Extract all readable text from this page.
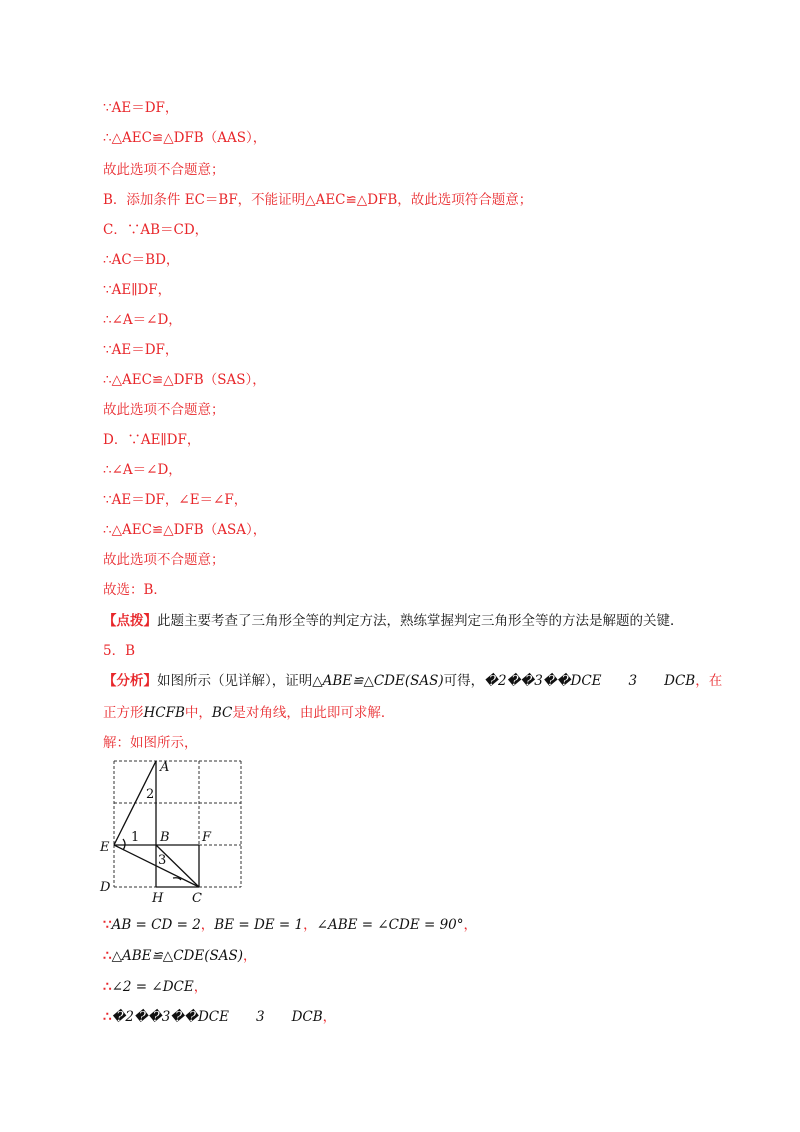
∵AE＝DF，
∴△AEC≌△DFB（AAS），
故此选项不合题意；
B．添加条件 EC＝BF，不能证明△AEC≌△DFB，故此选项符合题意；
C．∵AB＝CD，
∴AC＝BD，
∵AE∥DF，
∴∠A＝∠D，
∵AE＝DF，
∴△AEC≌△DFB（SAS），
故此选项不合题意；
D．∵AE∥DF，
∴∠A＝∠D，
∵AE＝DF，∠E＝∠F，
∴△AEC≌△DFB（ASA），
故此选项不合题意；
故选：B．
【点拨】此题主要考查了三角形全等的判定方法，熟练掌握判定三角形全等的方法是解题的关键．
5．B
【分析】如图所示（见详解），证明△ABE≌△CDE(SAS)可得，�2��3��DCE　　3　　DCB，在
正方形HCFB中，BC是对角线，由此即可求解．
解：如图所示，
A
2
E
1 B F
3
D
H C
∵AB = CD = 2，BE = DE = 1，∠ABE = ∠CDE = 90°，
∴△ABE≌△CDE(SAS)，
∴∠2 = ∠DCE，
∴�2��3��DCE　　3　　DCB，
